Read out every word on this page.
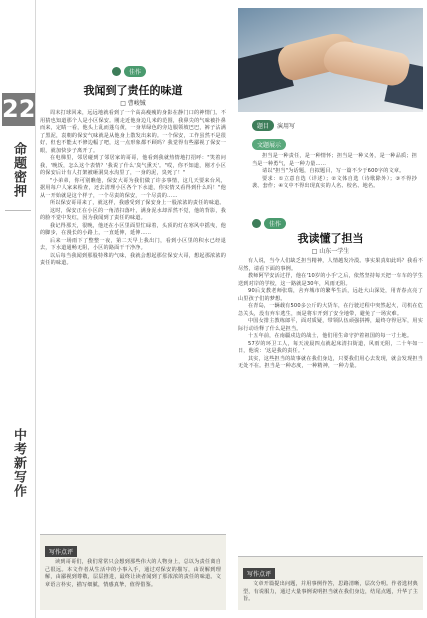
22
命题密押
中考新写作
佳作
我闻到了责任的味道
□ 曹峻铖

周末打球回来，远远地就看到了一个高高瘦瘦的身影在静门口的神情门。不用猜也知道那个人是小区保安。刚走近他身边几米的范围，我鼻尖的气味被扑鼻而来，定睛一看，他头上乱而蓬乌黄，一身草绿色的旁边服领坡巴巴，裤子沾满了黑泥，袁朝的保安气味就是从他身上散发出来的。一个保安，工作虽然不是很好，但也不能太不修边幅了吧，这一点形象都不顾吗？我觉得有些鄙视了保安一眼，就加快步子离开了。

在电梯里，邻居碰到了邻居家的哥哥，他看到我就热情地打招呼："笑着问我，'晚饭，怎么这个表情？'我说了什么'臭气熏天'。"哎，你不知道，刚才小区的保安后计有人打架被砸洞臭水沟里了，一身的泥，臭死了！"

"小弟弟，你可别瞧他，保安大哥为我们做了许多事情，这几天要来台风，据用每户人家来检查，还去清理小区各个下水道，你实情又看得到什么吗！"他从一开始就是这个样子，一个尽责的保安，一个尽责的……

所以保安哥哥来了，就这样，我感受到了保安身上一股浓浓的责任的味道。

这时，保安正在小区的一角清扫落叶，满身泥水却浑然不觉，他的背影，我的脸不觉中发红，因为我闻到了责任的味道。

我记得那天，很晚，他还在小区里面里忙碌着，头顶的灯在寒风中摇曳，他的脚步，在漫长的小路上，一直延伸，延伸……

后来一场雨下了整整一夜，第二天早上我出门，看到小区里的积水已经退去，下水道通畅无阻，小区的路面干干净净。

以后每当我闻到那股特殊的气味，我就会想起那位保安大哥，想起那浓浓的责任的味道。

写作点评

读到哥哥们，我们常常只会想到那些伟大的人物身上，总以为责任离自己很远。本文作者从生活中的小事入手，通过对保安的描写，由误解到理解，由鄙视到尊敬，层层推进，最终让读者闻到了那浓浓的责任的味道。文章语言朴实，描写细腻，情感真挚，值得借鉴。

题目	演用写
文题展示

担当是一种责任，是一种情怀；担当是一种义务，是一种品质；担当是一种勇气，是一种力量……

请以"担当"为话题，自拟题目，写一篇不少于600字的文章。

要求：①立意自选（详述）；②文体自选（诗歌除外）；③不得抄袭、套作；④文中不得出现真实的人名、校名、地名。

佳作
我读懂了担当
□ 山东一学生

有人说，当今人们缺乏担当精神，人情越发冷漠。事实果真如此吗？我看不尽然，请看下面的事例。

教师阿罕安活过抒，他在'10岁的小手'之后，依然坚持每天把一车车的学生送到对岸的学校，这一路就是30年，风雨无阻。

90后支教老师张瑞，舍弃城市的繁华生活，远赴大山深处，用青春点亮了山里孩子们的梦想。

在青岛，一辆载有500多公斤的大货车，在行驶过程中突然起火，司机在危急关头，没有弃车逃生，而是将车开到了安全地带，避免了一场灾难。

中国女排主教练郎平，面对质疑，带领队伍顽强拼搏，最终夺得冠军，用实际行动诠释了什么是担当。

十五年前，在南疆戍边的战士，他们用生命守护着祖国的每一寸土地。

57岁的环卫工人，每天凌晨四点就起床清扫街道，风雨无阻，二十年如一日，他说：'这是我的责任。'

其实，这些担当的故事就在我们身边，只要我们用心去发现，就会发现担当无处不在。担当是一种态度，一种精神，一种力量。

写作点评

文章开篇提出问题，并用事例作答，思路清晰，层次分明。作者选材典型，有说服力，通过大量事例说明担当就在我们身边，结尾点题，升华了主旨。
